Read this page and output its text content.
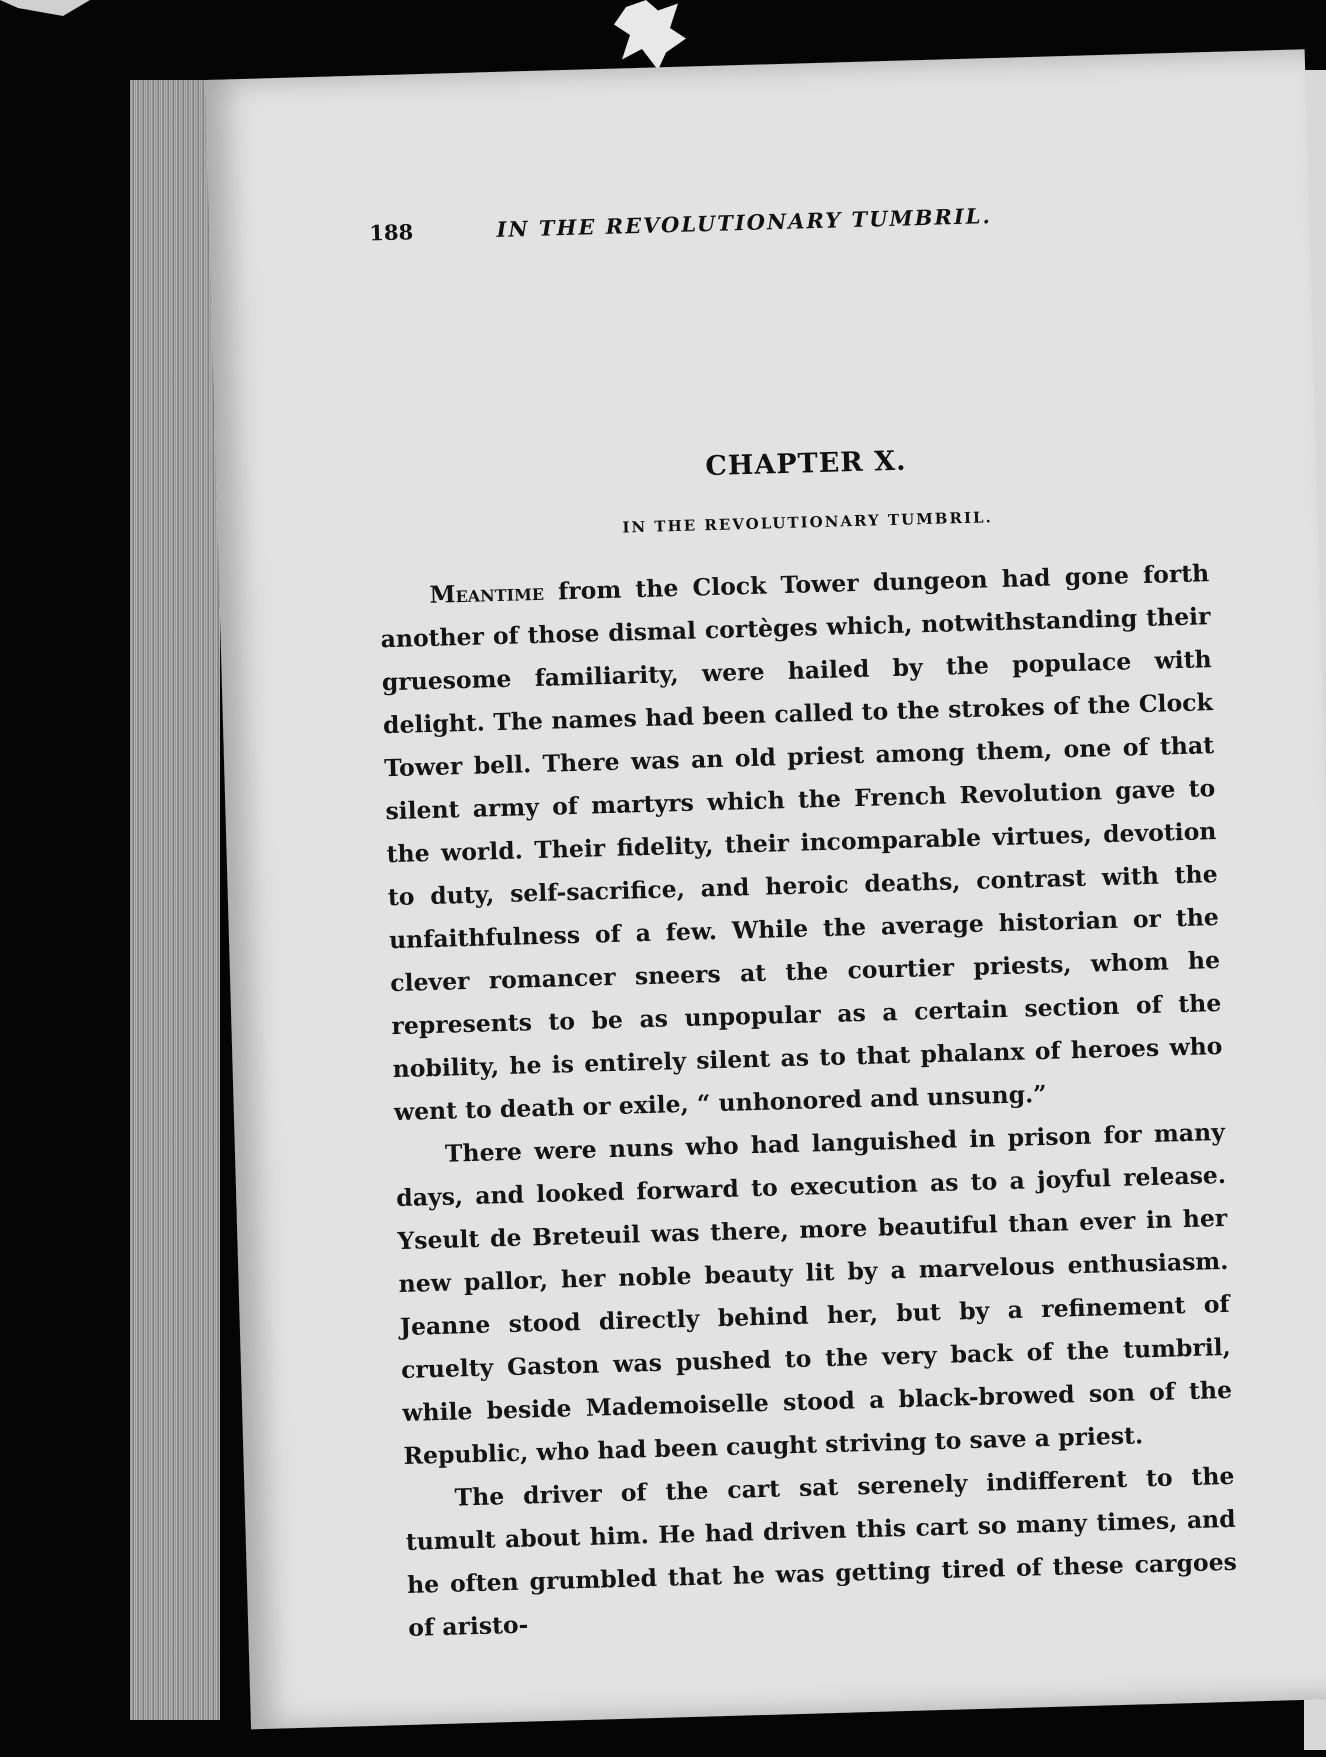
188	IN THE REVOLUTIONARY TUMBRIL.
CHAPTER X.
IN THE REVOLUTIONARY TUMBRIL.

Meantime from the Clock Tower dungeon had gone forth another of those dismal cortèges which, notwithstanding their gruesome familiarity, were hailed by the populace with delight. The names had been called to the strokes of the Clock Tower bell. There was an old priest among them, one of that silent army of martyrs which the French Revolution gave to the world. Their fidelity, their incomparable virtues, devotion to duty, self-sacrifice, and heroic deaths, contrast with the unfaithfulness of a few. While the average historian or the clever romancer sneers at the courtier priests, whom he represents to be as unpopular as a certain section of the nobility, he is entirely silent as to that phalanx of heroes who went to death or exile, “ unhonored and unsung.”

There were nuns who had languished in prison for many days, and looked forward to execution as to a joyful release. Yseult de Breteuil was there, more beautiful than ever in her new pallor, her noble beauty lit by a marvelous enthusiasm. Jeanne stood directly behind her, but by a refinement of cruelty Gaston was pushed to the very back of the tumbril, while beside Mademoiselle stood a black-browed son of the Republic, who had been caught striving to save a priest.

The driver of the cart sat serenely indifferent to the tumult about him. He had driven this cart so many times, and he often grumbled that he was getting tired of these cargoes of aristo-
